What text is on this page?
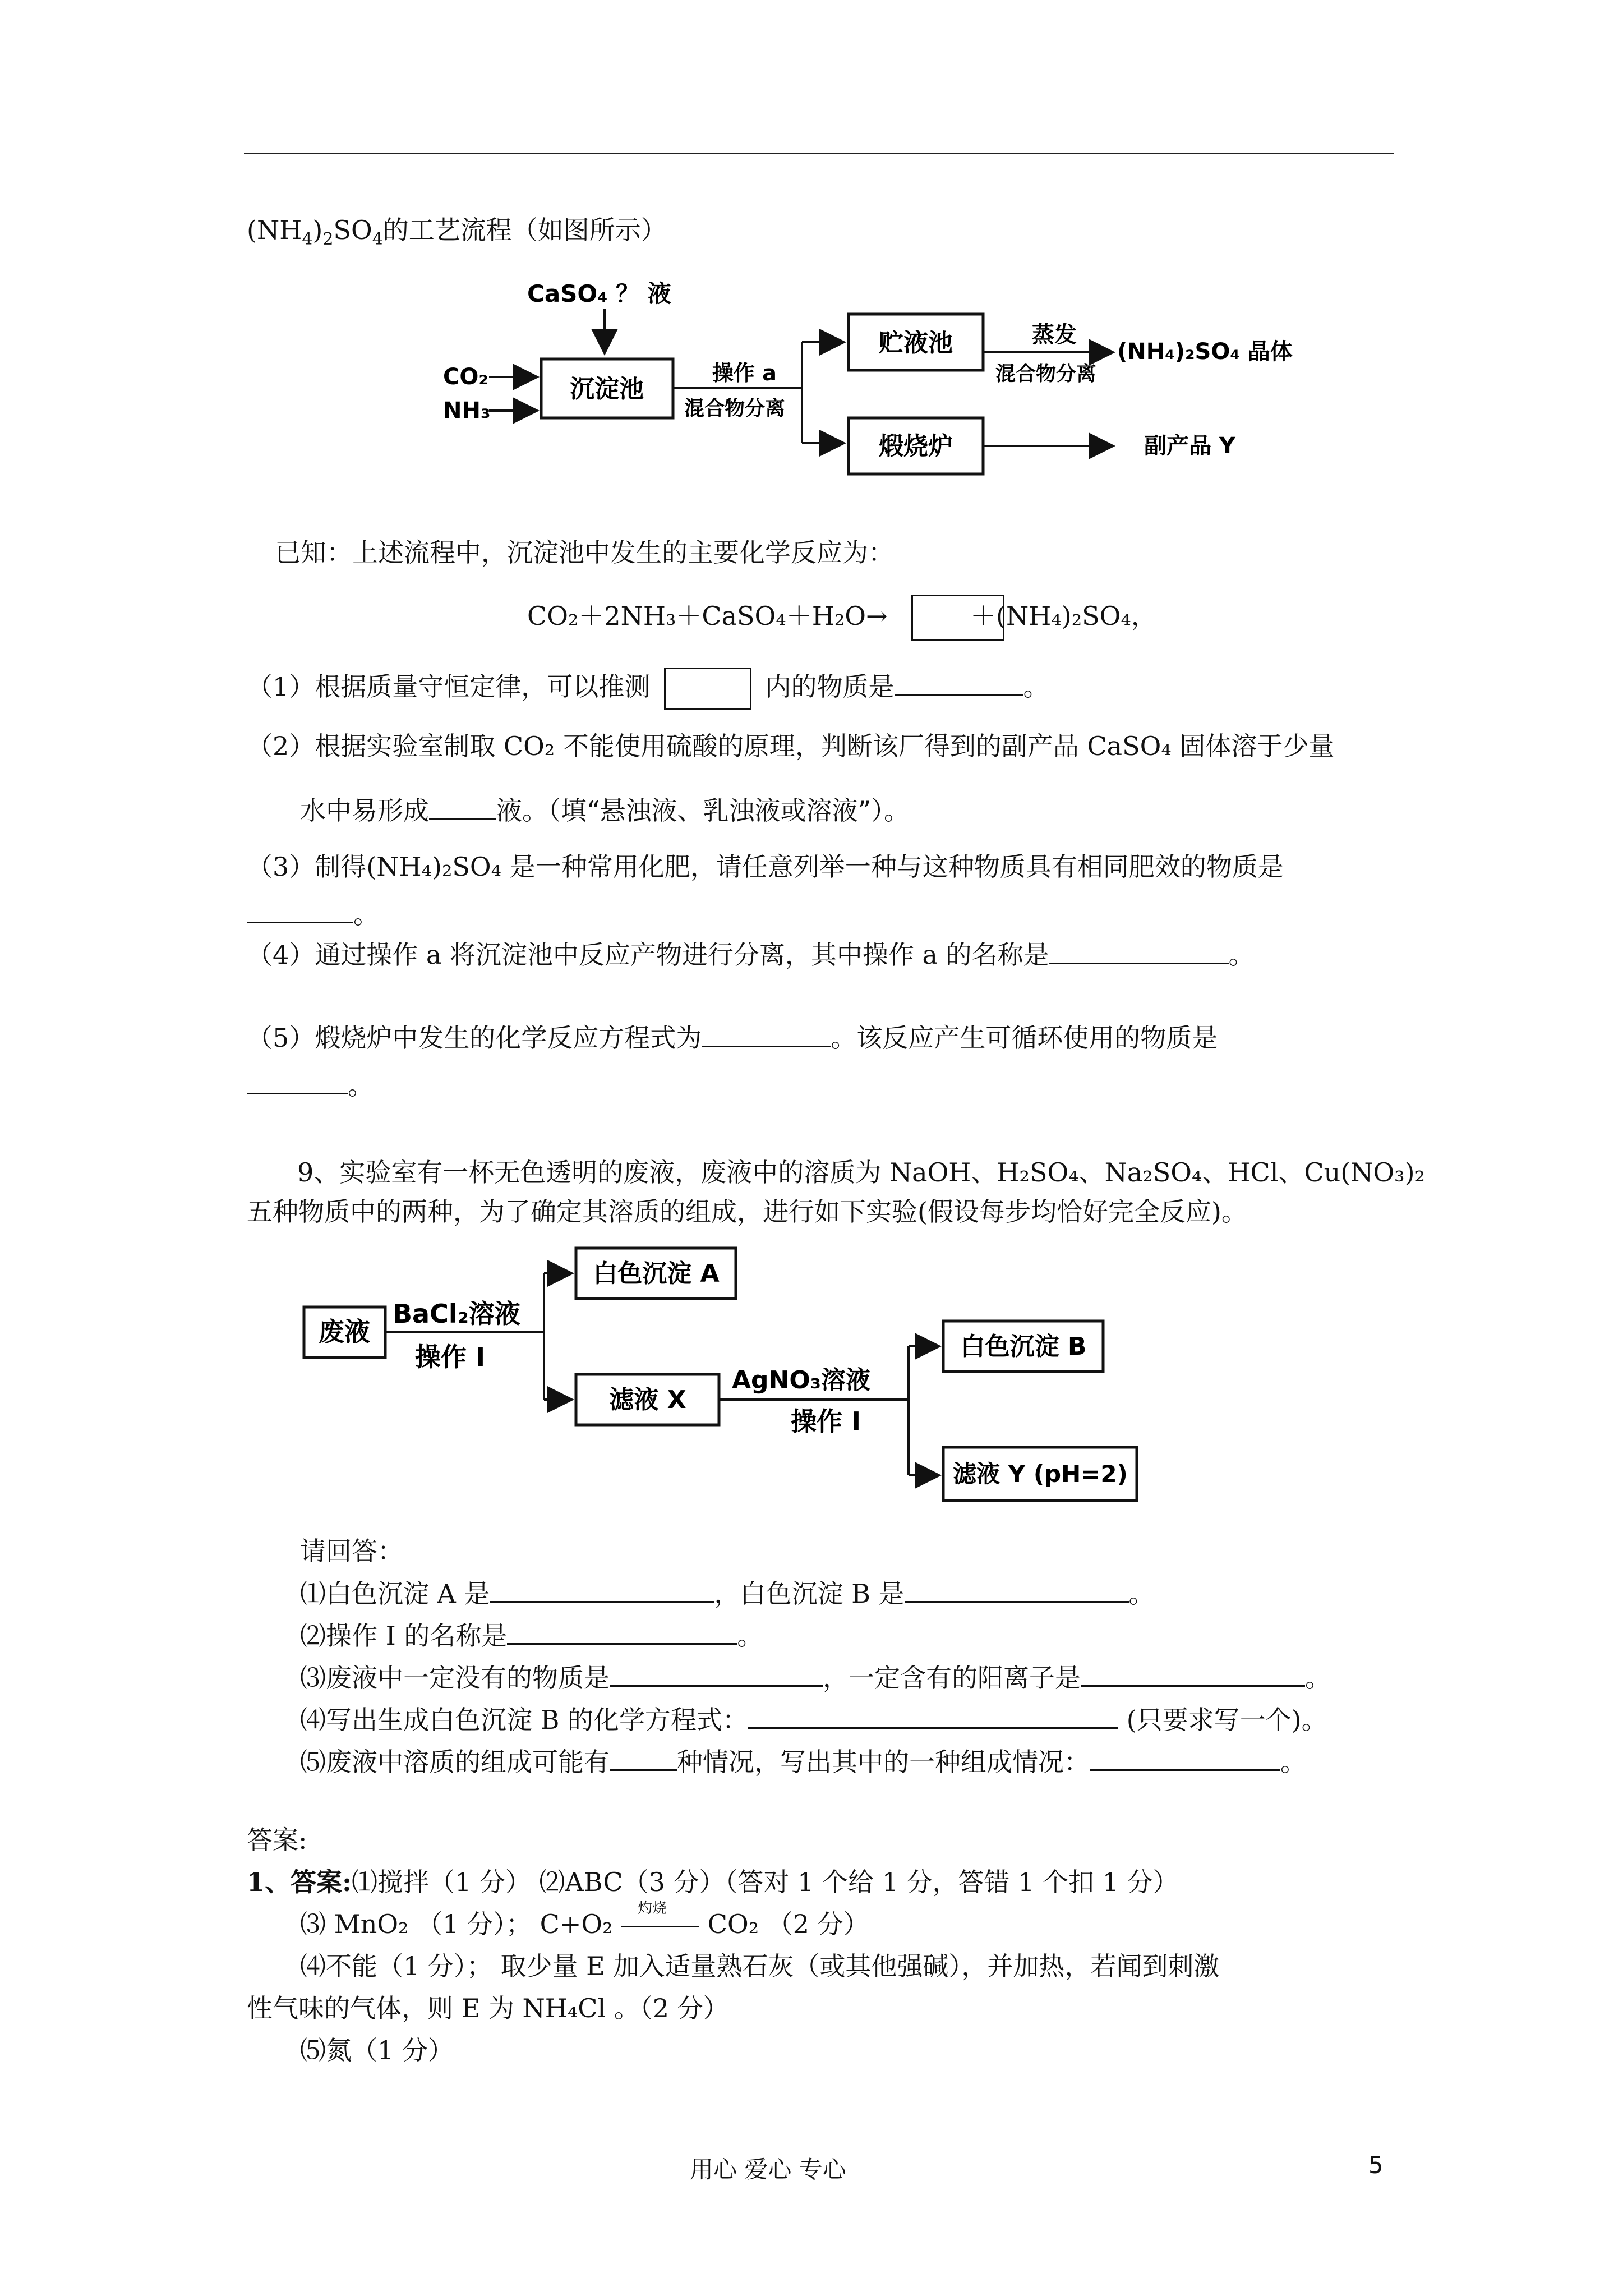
$(NH_4)_2SO_4$的工艺流程（如图所示）
CaSO₄ ？ 液
CO₂
NH₃
沉淀池
操作 a
混合物分离
贮液池
煅烧炉
蒸发
混合物分离
(NH₄)₂SO₄ 晶体
副产品 Y
已知：上述流程中，沉淀池中发生的主要化学反应为：
CO₂＋2NH₃＋CaSO₄＋H₂O→	＋(NH₄)₂SO₄，
（1）根据质量守恒定律，可以推测	内的物质是	。
（2）根据实验室制取 CO₂ 不能使用硫酸的原理，判断该厂得到的副产品 CaSO₄ 固体溶于少量
水中易形成	液。（填“悬浊液、乳浊液或溶液”）。
（3）制得(NH₄)₂SO₄ 是一种常用化肥，请任意列举一种与这种物质具有相同肥效的物质是
。
（4）通过操作 a 将沉淀池中反应产物进行分离，其中操作 a 的名称是	。
（5）煅烧炉中发生的化学反应方程式为	。该反应产生可循环使用的物质是
。
9、实验室有一杯无色透明的废液，废液中的溶质为 NaOH、H₂SO₄、Na₂SO₄、HCl、Cu(NO₃)₂
五种物质中的两种，为了确定其溶质的组成，进行如下实验(假设每步均恰好完全反应)。
废液
BaCl₂溶液
操作 I
白色沉淀 A
滤液 X
AgNO₃溶液
操作 I
白色沉淀 B
滤液 Y (pH=2)
请回答：
⑴白色沉淀 A 是	，白色沉淀 B 是	。
⑵操作 I 的名称是	。
⑶废液中一定没有的物质是	，一定含有的阳离子是	。
⑷写出生成白色沉淀 B 的化学方程式：	(只要求写一个)。
⑸废液中溶质的组成可能有	种情况，写出其中的一种组成情况：	。
答案:
1、答案:⑴搅拌（1 分） ⑵ABC（3 分）（答对 1 个给 1 分，答错 1 个扣 1 分）
⑶ MnO₂ （1 分）； C+O₂
灼烧
CO₂ （2 分）
⑷不能（1 分）； 取少量 E 加入适量熟石灰（或其他强碱），并加热，若闻到刺激
性气味的气体，则 E 为 NH₄Cl 。（2 分）
⑸氮（1 分）
用心 爱心 专心	5
